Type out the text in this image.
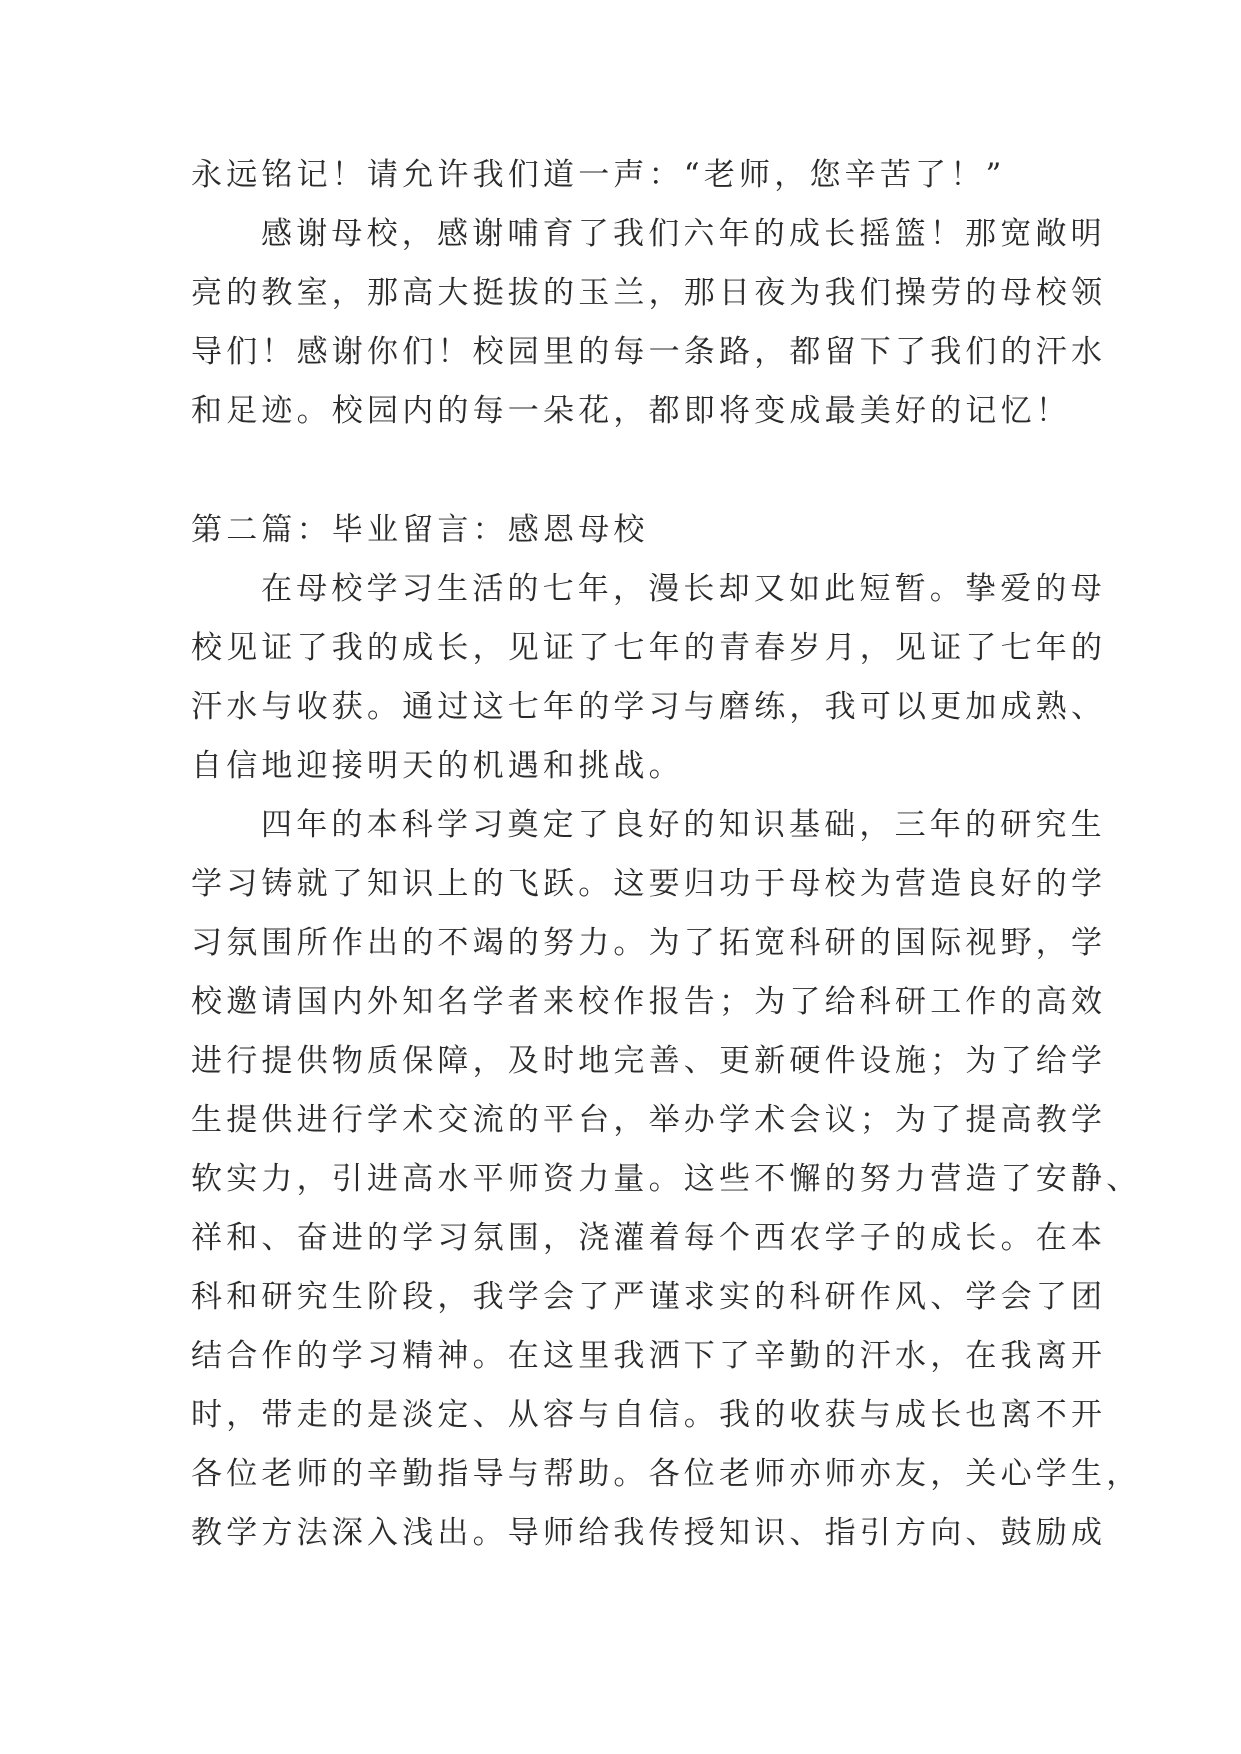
永远铭记！请允许我们道一声：“老师，您辛苦了！”
感谢母校，感谢哺育了我们六年的成长摇篮！那宽敞明
亮的教室，那高大挺拔的玉兰，那日夜为我们操劳的母校领
导们！感谢你们！校园里的每一条路，都留下了我们的汗水
和足迹。校园内的每一朵花，都即将变成最美好的记忆！
第二篇：毕业留言：感恩母校
在母校学习生活的七年，漫长却又如此短暂。挚爱的母
校见证了我的成长，见证了七年的青春岁月，见证了七年的
汗水与收获。通过这七年的学习与磨练，我可以更加成熟、
自信地迎接明天的机遇和挑战。
四年的本科学习奠定了良好的知识基础，三年的研究生
学习铸就了知识上的飞跃。这要归功于母校为营造良好的学
习氛围所作出的不竭的努力。为了拓宽科研的国际视野，学
校邀请国内外知名学者来校作报告；为了给科研工作的高效
进行提供物质保障，及时地完善、更新硬件设施；为了给学
生提供进行学术交流的平台，举办学术会议；为了提高教学
软实力，引进高水平师资力量。这些不懈的努力营造了安静、
祥和、奋进的学习氛围，浇灌着每个西农学子的成长。在本
科和研究生阶段，我学会了严谨求实的科研作风、学会了团
结合作的学习精神。在这里我洒下了辛勤的汗水，在我离开
时，带走的是淡定、从容与自信。我的收获与成长也离不开
各位老师的辛勤指导与帮助。各位老师亦师亦友，关心学生，
教学方法深入浅出。导师给我传授知识、指引方向、鼓励成
